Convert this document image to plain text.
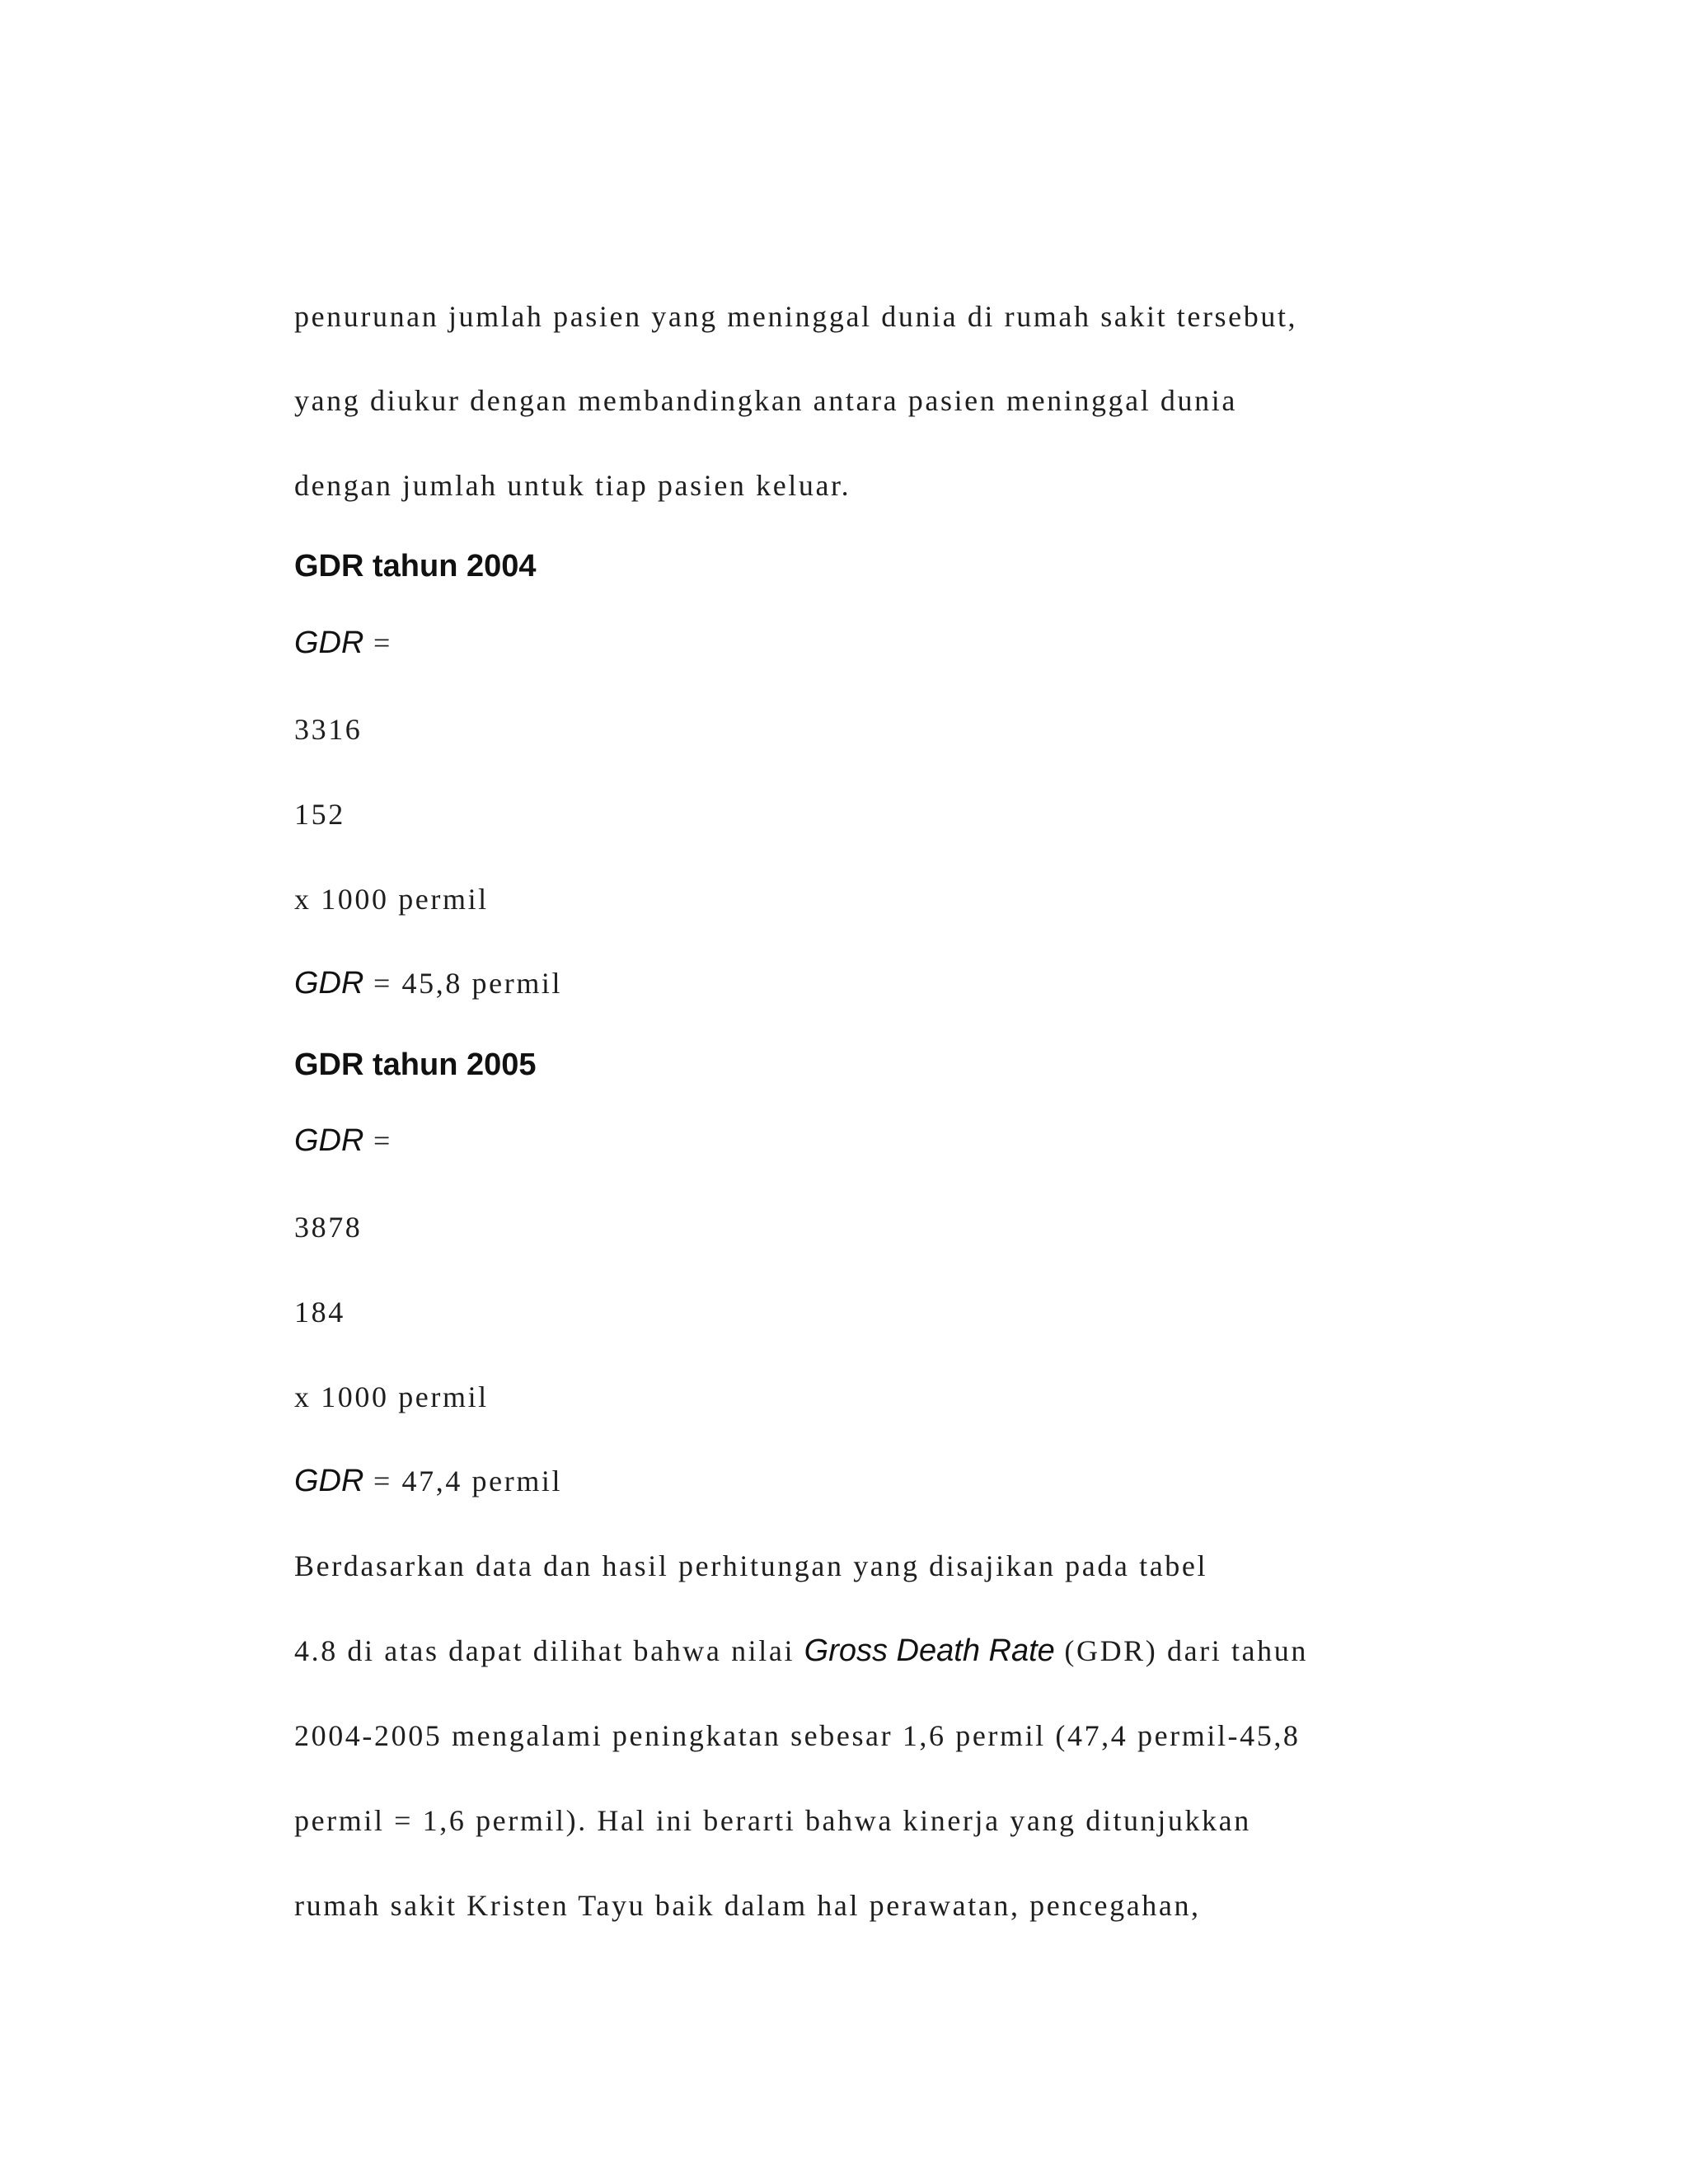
penurunan jumlah pasien yang meninggal dunia di rumah sakit tersebut,
yang diukur dengan membandingkan antara pasien meninggal dunia
dengan jumlah untuk tiap pasien keluar.
GDR tahun 2004
GDR =
3316
152
x 1000 permil
GDR = 45,8 permil
GDR tahun 2005
GDR =
3878
184
x 1000 permil
GDR = 47,4 permil
Berdasarkan data dan hasil perhitungan yang disajikan pada tabel
4.8 di atas dapat dilihat bahwa nilai Gross Death Rate (GDR) dari tahun
2004-2005 mengalami peningkatan sebesar 1,6 permil (47,4 permil-45,8
permil = 1,6 permil). Hal ini berarti bahwa kinerja yang ditunjukkan
rumah sakit Kristen Tayu baik dalam hal perawatan, pencegahan,
